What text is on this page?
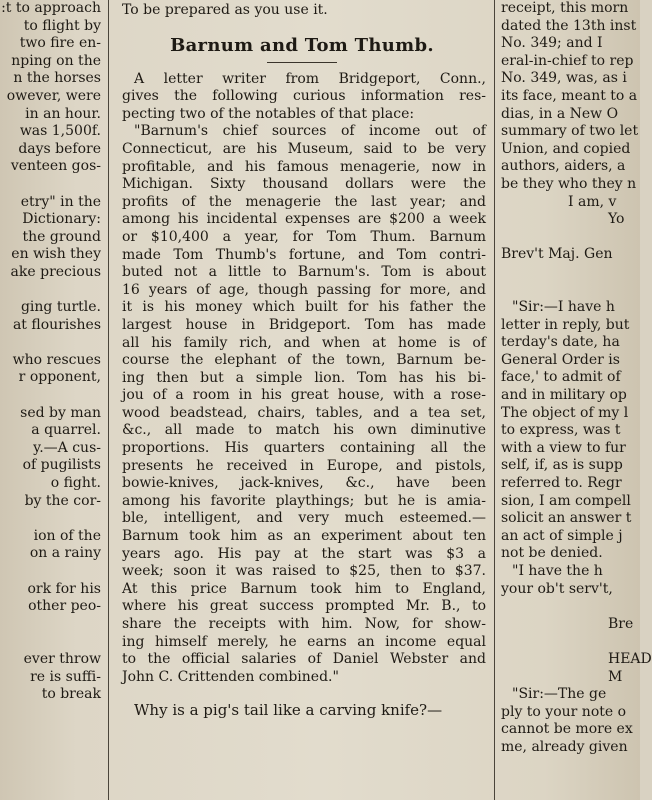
:t to approach
to flight by
two fire en-
nping on the
n the horses
owever, were
in an hour.
was 1,500f.
days before
venteen gos-

etry" in the
Dictionary:
the ground
en wish they
ake precious

ging turtle.
at flourishes

who rescues
r opponent,

sed by man
a quarrel.
y.—A cus-
of pugilists
o fight.
by the cor-

ion of the
on a rainy

ork for his
other peo-

ever throw
re is suffi-
to break
To be prepared as you use it.
Barnum and Tom Thumb.
A letter writer from Bridgeport, Conn.,
gives the following curious information res-
pecting two of the notables of that place:
"Barnum's chief sources of income out of
Connecticut, are his Museum, said to be very
profitable, and his famous menagerie, now in
Michigan. Sixty thousand dollars were the
profits of the menagerie the last year; and
among his incidental expenses are $200 a week
or $10,400 a year, for Tom Thum. Barnum
made Tom Thumb's fortune, and Tom contri-
buted not a little to Barnum's. Tom is about
16 years of age, though passing for more, and
it is his money which built for his father the
largest house in Bridgeport. Tom has made
all his family rich, and when at home is of
course the elephant of the town, Barnum be-
ing then but a simple lion. Tom has his bi-
jou of a room in his great house, with a rose-
wood beadstead, chairs, tables, and a tea set,
&c., all made to match his own diminutive
proportions. His quarters containing all the
presents he received in Europe, and pistols,
bowie-knives, jack-knives, &c., have been
among his favorite playthings; but he is amia-
ble, intelligent, and very much esteemed.—
Barnum took him as an experiment about ten
years ago. His pay at the start was $3 a
week; soon it was raised to $25, then to $37.
At this price Barnum took him to England,
where his great success prompted Mr. B., to
share the receipts with him. Now, for show-
ing himself merely, he earns an income equal
to the official salaries of Daniel Webster and
John C. Crittenden combined."
Why is a pig's tail like a carving knife?—
receipt, this morn
dated the 13th inst
No. 349; and I
eral-in-chief to rep
No. 349, was, as i
its face, meant to a
dias, in a New O
summary of two let
Union, and copied
authors, aiders, a
be they who they n
I am, v
Yo

Brev't Maj. Gen

"Sir:—I have h
letter in reply, but
terday's date, ha
General Order is
face,' to admit of
and in military op
The object of my l
to express, was t
with a view to fur
self, if, as is supp
referred to. Regr
sion, I am compell
solicit an answer t
an act of simple j
not be denied.
"I have the h
your ob't serv't,

Bre

HEAD
M
"Sir:—The ge
ply to your note o
cannot be more ex
me, already given
